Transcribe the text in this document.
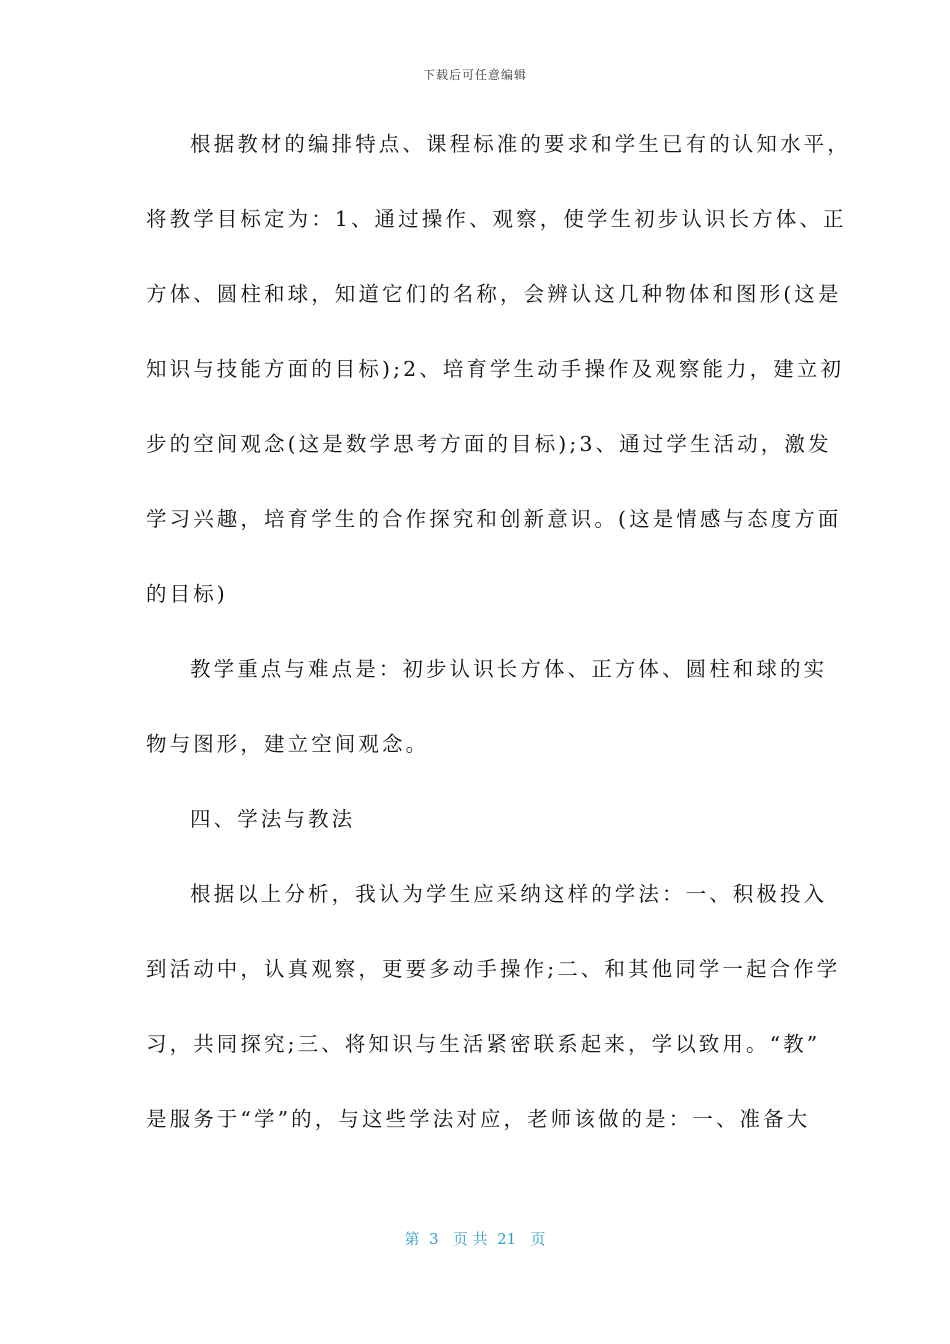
下载后可任意编辑
根据教材的编排特点、课程标准的要求和学生已有的认知水平，
将教学目标定为：1、通过操作、观察，使学生初步认识长方体、正
方体、圆柱和球，知道它们的名称，会辨认这几种物体和图形(这是
知识与技能方面的目标);2、培育学生动手操作及观察能力，建立初
步的空间观念(这是数学思考方面的目标);3、通过学生活动，激发
学习兴趣，培育学生的合作探究和创新意识。(这是情感与态度方面
的目标)
教学重点与难点是：初步认识长方体、正方体、圆柱和球的实
物与图形，建立空间观念。
四、学法与教法
根据以上分析，我认为学生应采纳这样的学法：一、积极投入
到活动中，认真观察，更要多动手操作;二、和其他同学一起合作学
习，共同探究;三、将知识与生活紧密联系起来，学以致用。“教”
是服务于“学”的，与这些学法对应，老师该做的是：一、准备大
第  3   页 共  21   页
